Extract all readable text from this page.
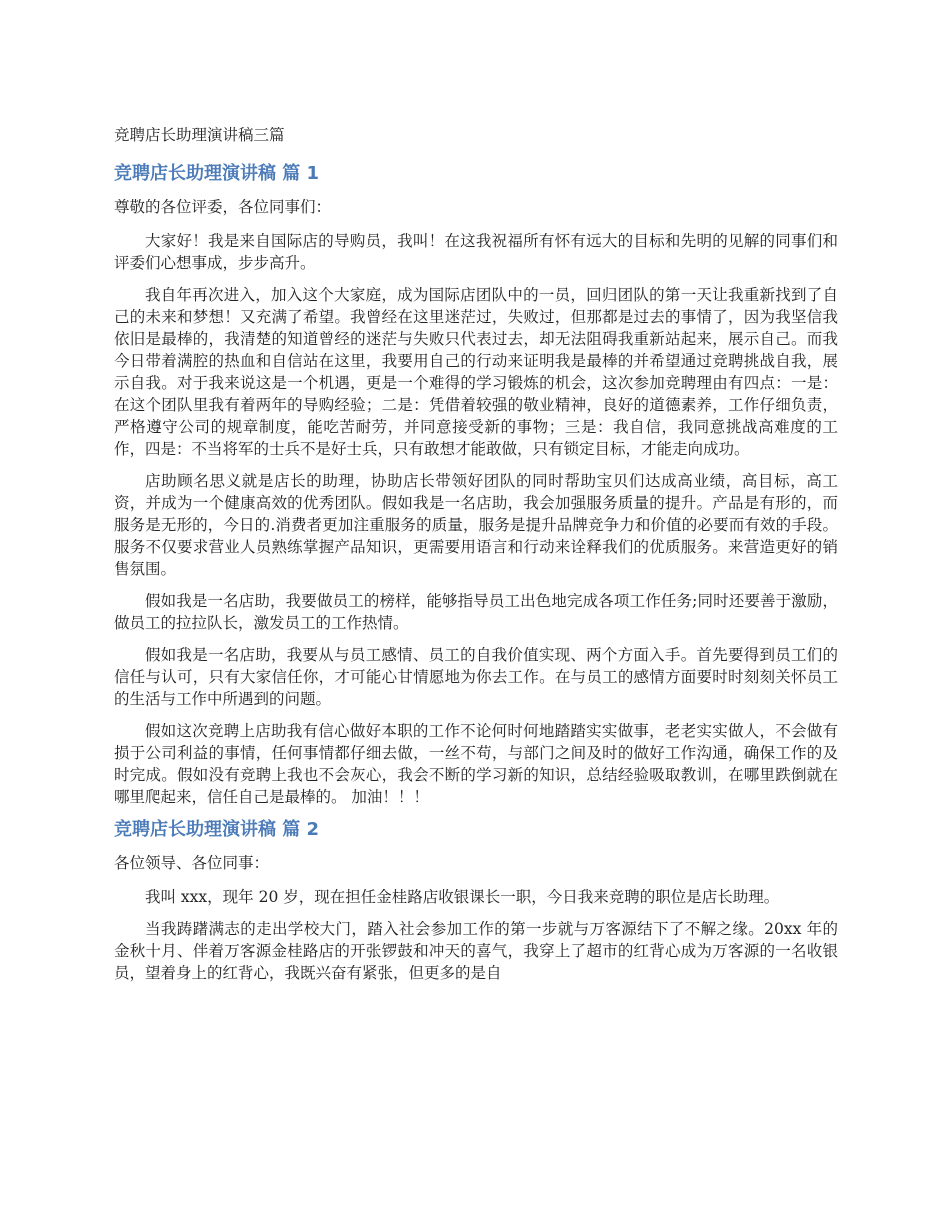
竞聘店长助理演讲稿三篇
竞聘店长助理演讲稿 篇 1
尊敬的各位评委，各位同事们：

大家好！我是来自国际店的导购员，我叫！在这我祝福所有怀有远大的目标和先明的见解的同事们和评委们心想事成，步步高升。

我自年再次进入，加入这个大家庭，成为国际店团队中的一员，回归团队的第一天让我重新找到了自己的未来和梦想！又充满了希望。我曾经在这里迷茫过，失败过，但那都是过去的事情了，因为我坚信我依旧是最棒的，我清楚的知道曾经的迷茫与失败只代表过去，却无法阻碍我重新站起来，展示自己。而我今日带着满腔的热血和自信站在这里，我要用自己的行动来证明我是最棒的并希望通过竞聘挑战自我，展示自我。对于我来说这是一个机遇，更是一个难得的学习锻炼的机会，这次参加竞聘理由有四点：一是：在这个团队里我有着两年的导购经验；二是：凭借着较强的敬业精神，良好的道德素养，工作仔细负责，严格遵守公司的规章制度，能吃苦耐劳，并同意接受新的事物；三是：我自信，我同意挑战高难度的工作，四是：不当将军的士兵不是好士兵，只有敢想才能敢做，只有锁定目标，才能走向成功。

店助顾名思义就是店长的助理，协助店长带领好团队的同时帮助宝贝们达成高业绩，高目标，高工资，并成为一个健康高效的优秀团队。假如我是一名店助，我会加强服务质量的提升。产品是有形的，而服务是无形的，今日的.消费者更加注重服务的质量，服务是提升品牌竞争力和价值的必要而有效的手段。服务不仅要求营业人员熟练掌握产品知识，更需要用语言和行动来诠释我们的优质服务。来营造更好的销售氛围。

假如我是一名店助，我要做员工的榜样，能够指导员工出色地完成各项工作任务;同时还要善于激励，做员工的拉拉队长，激发员工的工作热情。

假如我是一名店助，我要从与员工感情、员工的自我价值实现、两个方面入手。首先要得到员工们的信任与认可，只有大家信任你，才可能心甘情愿地为你去工作。在与员工的感情方面要时时刻刻关怀员工的生活与工作中所遇到的问题。

假如这次竞聘上店助我有信心做好本职的工作不论何时何地踏踏实实做事，老老实实做人，不会做有损于公司利益的事情，任何事情都仔细去做，一丝不苟，与部门之间及时的做好工作沟通，确保工作的及时完成。假如没有竞聘上我也不会灰心，我会不断的学习新的知识，总结经验吸取教训，在哪里跌倒就在哪里爬起来，信任自己是最棒的。 加油！！！

竞聘店长助理演讲稿 篇 2
各位领导、各位同事：

我叫 xxx，现年 20 岁，现在担任金桂路店收银课长一职，今日我来竞聘的职位是店长助理。

当我踌躇满志的走出学校大门，踏入社会参加工作的第一步就与万客源结下了不解之缘。20xx 年的金秋十月、伴着万客源金桂路店的开张锣鼓和冲天的喜气，我穿上了超市的红背心成为万客源的一名收银员，望着身上的红背心，我既兴奋有紧张，但更多的是自
